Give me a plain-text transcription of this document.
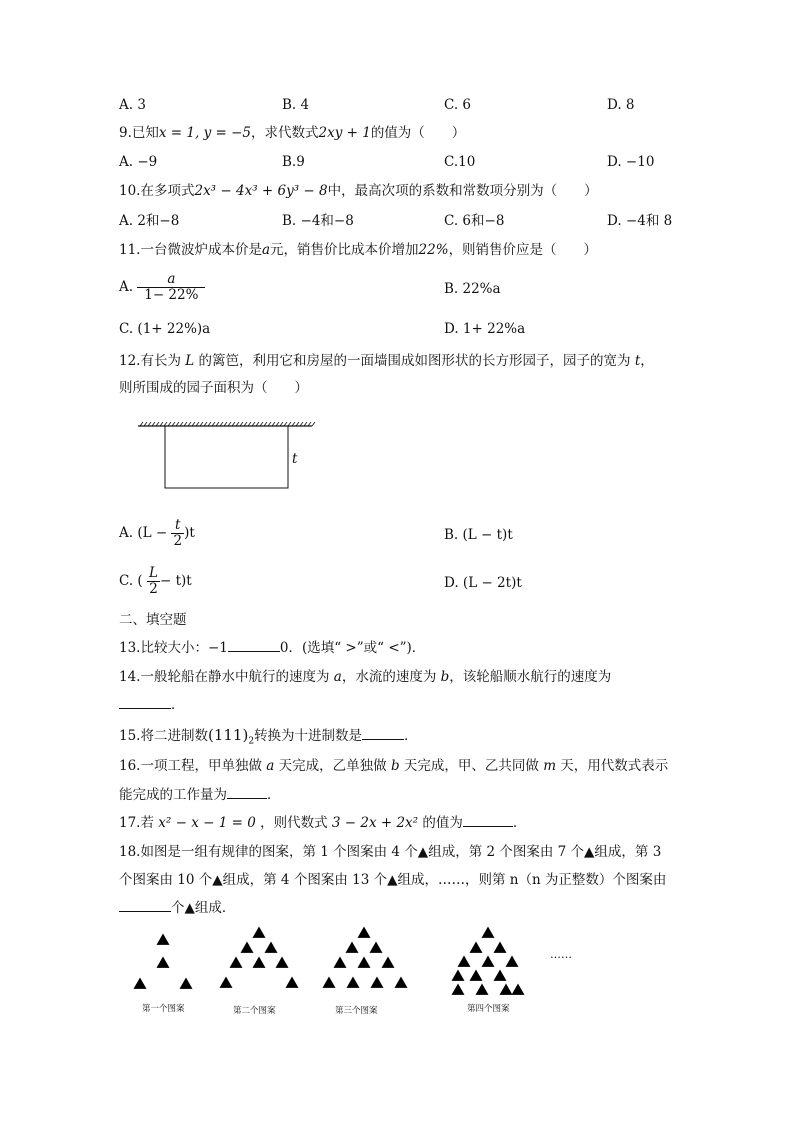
A. 3	B. 4	C. 6	D. 8
9.已知x = 1, y = −5，求代数式2xy + 1的值为（　　）
A. −9	B.9	C.10	D. −10
10.在多项式2x³ − 4x³ + 6y³ − 8中，最高次项的系数和常数项分别为（　　）
A. 2和−8	B. −4和−8	C. 6和−8	D. −4和 8
11.一台微波炉成本价是a元，销售价比成本价增加22%，则销售价应是（　　）
A. $\frac{a}{1- 22\%}$	B. 22%a
C. (1+ 22%)a	D. 1+ 22%a
12.有长为 L 的篱笆，利用它和房屋的一面墙围成如图形状的长方形园子，园子的宽为 t，
则所围成的园子面积为（　　）
t
A. $(L - \frac{t}{2} )t$	B. (L − t)t
C. ( $\frac{L}{2} - t)t$	D. (L − 2t)t
二、填空题
13.比较大小：−1	0．(选填“ >”或“ <”)．
14.一般轮船在静水中航行的速度为 a，水流的速度为 b，该轮船顺水航行的速度为
．
15.将二进制数$(111)_2$转换为十进制数是	．
16.一项工程，甲单独做 a 天完成，乙单独做 b 天完成，甲、乙共同做 m 天，用代数式表示
能完成的工作量为	．
17.若 x² − x − 1 = 0 ，则代数式 3 − 2x + 2x² 的值为	．
18.如图是一组有规律的图案，第 1 个图案由 4 个▲组成，第 2 个图案由 7 个▲组成，第 3
个图案由 10 个▲组成，第 4 个图案由 13 个▲组成，……，则第 n（n 为正整数）个图案由
个▲组成．
第一个图案	第二个图案	第三个图案	第四个图案
……
